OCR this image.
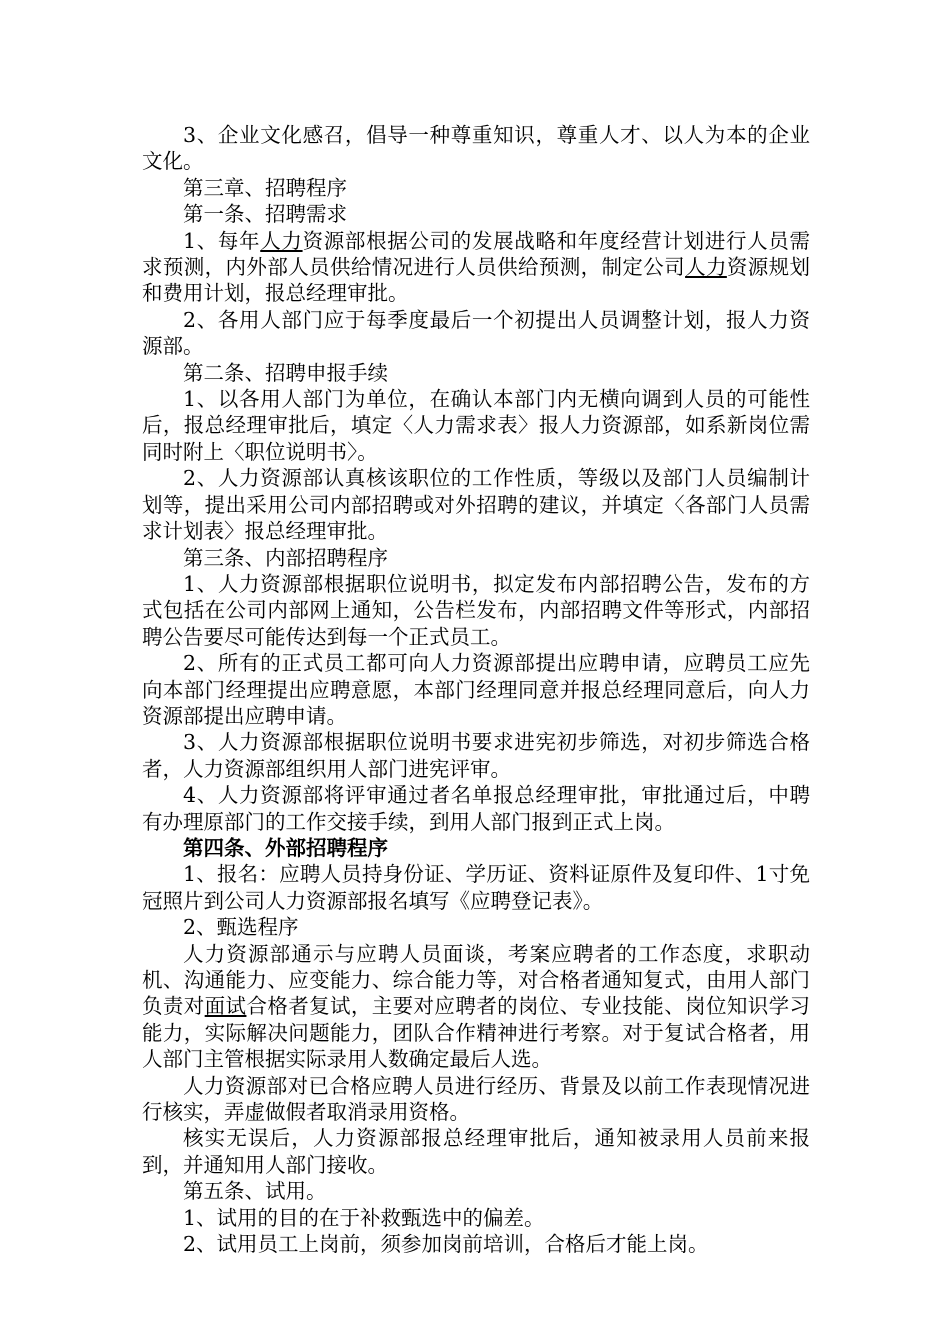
3、企业文化感召，倡导一种尊重知识，尊重人才、以人为本的企业文化。

第三章、招聘程序

第一条、招聘需求

1、每年人力资源部根据公司的发展战略和年度经营计划进行人员需求预测，内外部人员供给情况进行人员供给预测，制定公司人力资源规划和费用计划，报总经理审批。

2、各用人部门应于每季度最后一个初提出人员调整计划，报人力资源部。

第二条、招聘申报手续

1、以各用人部门为单位，在确认本部门内无横向调到人员的可能性后，报总经理审批后，填定〈人力需求表〉报人力资源部，如系新岗位需同时附上〈职位说明书〉。

2、人力资源部认真核该职位的工作性质，等级以及部门人员编制计划等，提出采用公司内部招聘或对外招聘的建议，并填定〈各部门人员需求计划表〉报总经理审批。

第三条、内部招聘程序

1、人力资源部根据职位说明书，拟定发布内部招聘公告，发布的方式包括在公司内部网上通知，公告栏发布，内部招聘文件等形式，内部招聘公告要尽可能传达到每一个正式员工。

2、所有的正式员工都可向人力资源部提出应聘申请，应聘员工应先向本部门经理提出应聘意愿，本部门经理同意并报总经理同意后，向人力资源部提出应聘申请。

3、人力资源部根据职位说明书要求进宪初步筛选，对初步筛选合格者，人力资源部组织用人部门进宪评审。

4、人力资源部将评审通过者名单报总经理审批，审批通过后，中聘有办理原部门的工作交接手续，到用人部门报到正式上岗。

第四条、外部招聘程序

1、报名：应聘人员持身份证、学历证、资料证原件及复印件、1寸免冠照片到公司人力资源部报名填写《应聘登记表》。

2、甄选程序

人力资源部通示与应聘人员面谈，考案应聘者的工作态度，求职动机、沟通能力、应变能力、综合能力等，对合格者通知复式，由用人部门负责对面试合格者复试，主要对应聘者的岗位、专业技能、岗位知识学习能力，实际解决问题能力，团队合作精神进行考察。对于复试合格者，用人部门主管根据实际录用人数确定最后人选。

人力资源部对已合格应聘人员进行经历、背景及以前工作表现情况进行核实，弄虚做假者取消录用资格。

核实无误后，人力资源部报总经理审批后，通知被录用人员前来报到，并通知用人部门接收。

第五条、试用。

1、试用的目的在于补救甄选中的偏差。

2、试用员工上岗前，须参加岗前培训，合格后才能上岗。
